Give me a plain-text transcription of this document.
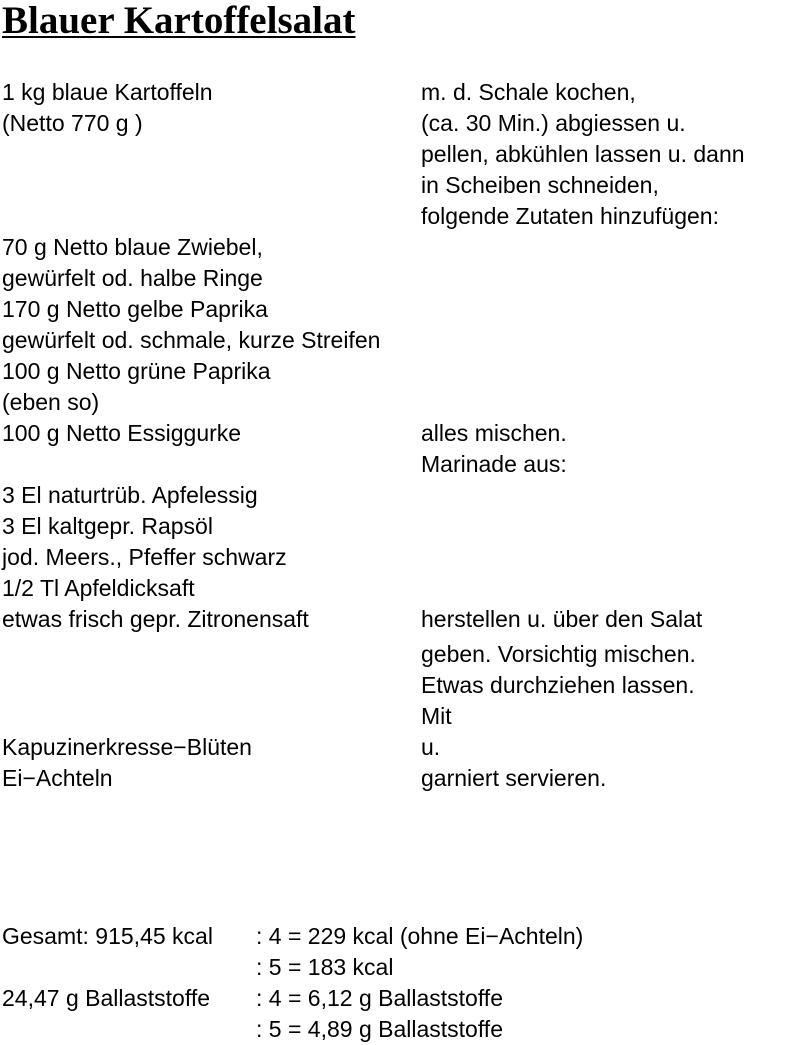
Blauer Kartoffelsalat
1 kg blaue Kartoffeln
(Netto 770 g )
70 g Netto blaue Zwiebel,
gewürfelt od. halbe Ringe
170 g Netto gelbe Paprika
gewürfelt od. schmale, kurze Streifen
100 g Netto grüne Paprika
(eben so)
100 g Netto Essiggurke
3 El naturtrüb. Apfelessig
3 El kaltgepr. Rapsöl
jod. Meers., Pfeffer schwarz
1/2 Tl Apfeldicksaft
etwas frisch gepr. Zitronensaft
Kapuzinerkresse−Blüten
Ei−Achteln
m. d. Schale kochen,
(ca. 30 Min.) abgiessen u.
pellen, abkühlen lassen u. dann
in Scheiben schneiden,
folgende Zutaten hinzufügen:
alles mischen.
Marinade aus:
herstellen u. über den Salat
geben. Vorsichtig mischen.
Etwas durchziehen lassen.
Mit
u.
garniert servieren.
Gesamt: 915,45 kcal : 4 = 229 kcal (ohne Ei−Achteln)
: 5 = 183 kcal
24,47 g Ballaststoffe : 4 = 6,12 g Ballaststoffe
: 5 = 4,89 g Ballaststoffe
